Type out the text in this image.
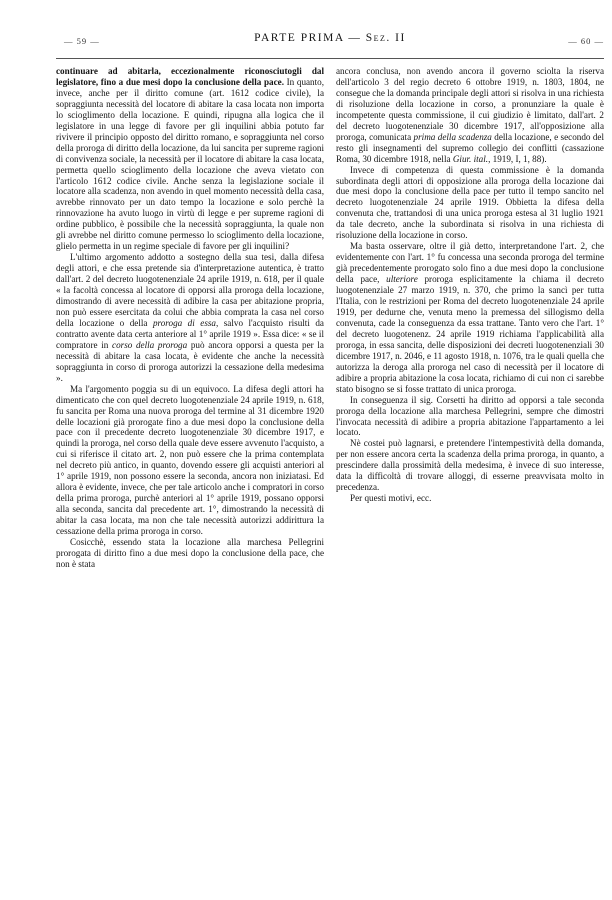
— 59 —	PARTE PRIMA — Sez. II	— 60 —

continuare ad abitarla, eccezionalmente riconosciutogli dal legislatore, fino a due mesi dopo la conclusione della pace. In quanto, invece, anche per il diritto comune (art. 1612 codice civile), la sopraggiunta necessità del locatore di abitare la casa locata non importa lo scioglimento della locazione. E quindi, ripugna alla logica che il legislatore in una legge di favore per gli inquilini abbia potuto far rivivere il principio opposto del diritto romano, e sopraggiunta nel corso della proroga di diritto della locazione, da lui sancita per supreme ragioni di convivenza sociale, la necessità per il locatore di abitare la casa locata, permetta quello scioglimento della locazione che aveva vietato con l'articolo 1612 codice civile. Anche senza la legislazione sociale il locatore alla scadenza, non avendo in quel momento necessità della casa, avrebbe rinnovato per un dato tempo la locazione e solo perchè la rinnovazione ha avuto luogo in virtù di legge e per supreme ragioni di ordine pubblico, è possibile che la necessità sopraggiunta, la quale non gli avrebbe nel diritto comune permesso lo scioglimento della locazione, glielo permetta in un regime speciale di favore per gli inquilini?

L'ultimo argomento addotto a sostegno della sua tesi, dalla difesa degli attori, e che essa pretende sia d'interpretazione autentica, è tratto dall'art. 2 del decreto luogotenenziale 24 aprile 1919, n. 618, per il quale « la facoltà concessa al locatore di opporsi alla proroga della locazione, dimostrando di avere necessità di adibire la casa per abitazione propria, non può essere esercitata da colui che abbia comprata la casa nel corso della locazione o della proroga di essa, salvo l'acquisto risulti da contratto avente data certa anteriore al 1° aprile 1919 ». Essa dice: « se il compratore in corso della proroga può ancora opporsi a questa per la necessità di abitare la casa locata, è evidente che anche la necessità sopraggiunta in corso di proroga autorizzi la cessazione della medesima ».

Ma l'argomento poggia su di un equivoco. La difesa degli attori ha dimenticato che con quel decreto luogotenenziale 24 aprile 1919, n. 618, fu sancita per Roma una nuova proroga del termine al 31 dicembre 1920 delle locazioni già prorogate fino a due mesi dopo la conclusione della pace con il precedente decreto luogotenenziale 30 dicembre 1917, e quindi la proroga, nel corso della quale deve essere avvenuto l'acquisto, a cui si riferisce il citato art. 2, non può essere che la prima contemplata nel decreto più antico, in quanto, dovendo essere gli acquisti anteriori al 1° aprile 1919, non possono essere la seconda, ancora non iniziatasi. Ed allora è evidente, invece, che per tale articolo anche i compratori in corso della prima proroga, purchè anteriori al 1° aprile 1919, possano opporsi alla seconda, sancita dal precedente art. 1°, dimostrando la necessità di abitar la casa locata, ma non che tale necessità autorizzi addirittura la cessazione della prima proroga in corso.

Cosicchè, essendo stata la locazione alla marchesa Pellegrini prorogata di diritto fino a due mesi dopo la conclusione della pace, che non è stata

ancora conclusa, non avendo ancora il governo sciolta la riserva dell'articolo 3 del regio decreto 6 ottobre 1919, n. 1803, 1804, ne consegue che la domanda principale degli attori si risolva in una richiesta di risoluzione della locazione in corso, a pronunziare la quale è incompetente questa commissione, il cui giudizio è limitato, dall'art. 2 del decreto luogotenenziale 30 dicembre 1917, all'opposizione alla proroga, comunicata prima della scadenza della locazione, e secondo del resto gli insegnamenti del supremo collegio dei conflitti (cassazione Roma, 30 dicembre 1918, nella Giur. ital., 1919, I, 1, 88).

Invece di competenza di questa commissione è la domanda subordinata degli attori di opposizione alla proroga della locazione dai due mesi dopo la conclusione della pace per tutto il tempo sancito nel decreto luogotenenziale 24 aprile 1919. Obbietta la difesa della convenuta che, trattandosi di una unica proroga estesa al 31 luglio 1921 da tale decreto, anche la subordinata si risolva in una richiesta di risoluzione della locazione in corso.

Ma basta osservare, oltre il già detto, interpretandone l'art. 2, che evidentemente con l'art. 1° fu concessa una seconda proroga del termine già precedentemente prorogato solo fino a due mesi dopo la conclusione della pace, ulteriore proroga esplicitamente la chiama il decreto luogotenenziale 27 marzo 1919, n. 370, che primo la sancì per tutta l'Italia, con le restrizioni per Roma del decreto luogotenenziale 24 aprile 1919, per dedurne che, venuta meno la premessa del sillogismo della convenuta, cade la conseguenza da essa trattane. Tanto vero che l'art. 1° del decreto luogotenenz. 24 aprile 1919 richiama l'applicabilità alla proroga, in essa sancita, delle disposizioni dei decreti luogotenenziali 30 dicembre 1917, n. 2046, e 11 agosto 1918, n. 1076, tra le quali quella che autorizza la deroga alla proroga nel caso di necessità per il locatore di adibire a propria abitazione la cosa locata, richiamo di cui non ci sarebbe stato bisogno se si fosse trattato di unica proroga.

In conseguenza il sig. Corsetti ha diritto ad opporsi a tale seconda proroga della locazione alla marchesa Pellegrini, sempre che dimostri l'invocata necessità di adibire a propria abitazione l'appartamento a lei locato.

Nè costei può lagnarsi, e pretendere l'intempestività della domanda, per non essere ancora certa la scadenza della prima proroga, in quanto, a prescindere dalla prossimità della medesima, è invece di suo interesse, data la difficoltà di trovare alloggi, di esserne preavvisata molto in precedenza.

Per questi motivi, ecc.
